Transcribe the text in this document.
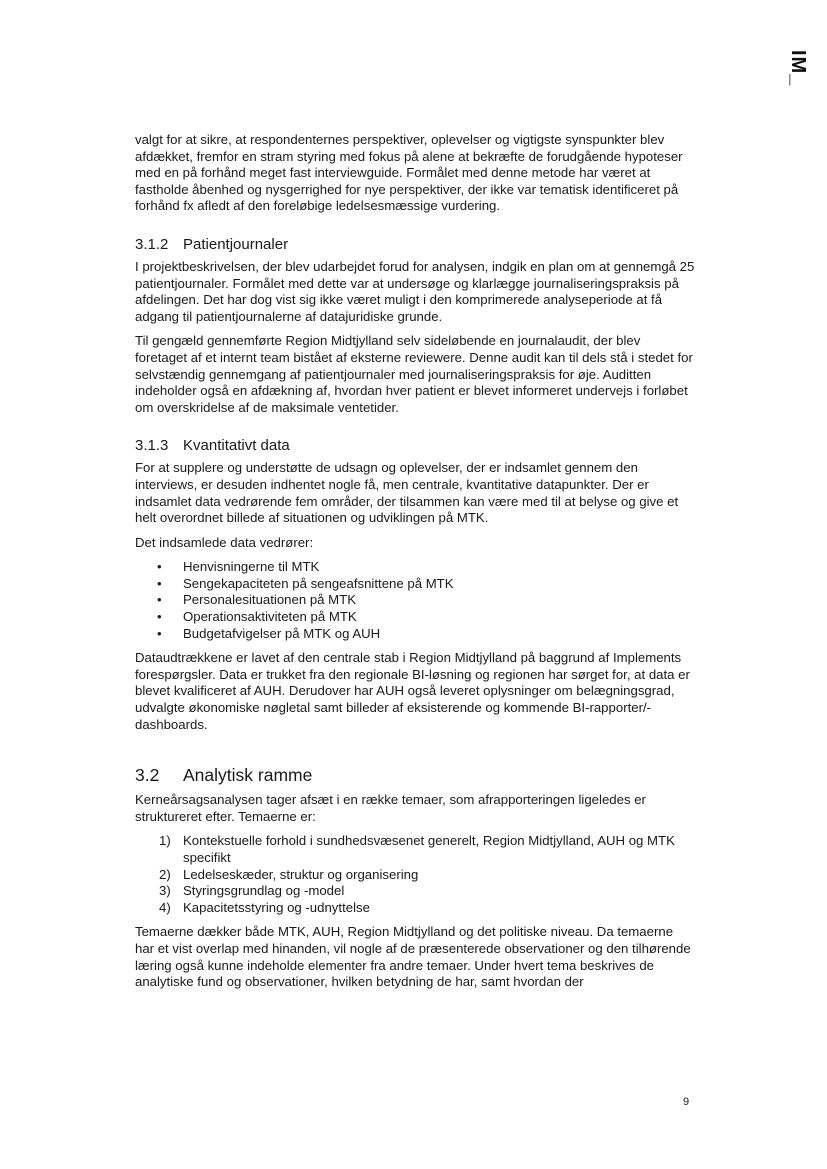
IM_

valgt for at sikre, at respondenternes perspektiver, oplevelser og vigtigste synspunkter blev afdækket, fremfor en stram styring med fokus på alene at bekræfte de forudgående hypoteser med en på forhånd meget fast interviewguide. Formålet med denne metode har været at fastholde åbenhed og nysgerrighed for nye perspektiver, der ikke var tematisk identificeret på forhånd fx afledt af den foreløbige ledelsesmæssige vurdering.

3.1.2 Patientjournaler

I projektbeskrivelsen, der blev udarbejdet forud for analysen, indgik en plan om at gennemgå 25 patientjournaler. Formålet med dette var at undersøge og klarlægge journaliseringspraksis på afdelingen. Det har dog vist sig ikke været muligt i den komprimerede analyseperiode at få adgang til patientjournalerne af datajuridiske grunde.

Til gengæld gennemførte Region Midtjylland selv sideløbende en journalaudit, der blev foretaget af et internt team bistået af eksterne reviewere. Denne audit kan til dels stå i stedet for selvstændig gennemgang af patientjournaler med journaliseringspraksis for øje. Auditten indeholder også en afdækning af, hvordan hver patient er blevet informeret undervejs i forløbet om overskridelse af de maksimale ventetider.

3.1.3 Kvantitativt data

For at supplere og understøtte de udsagn og oplevelser, der er indsamlet gennem den interviews, er desuden indhentet nogle få, men centrale, kvantitative datapunkter. Der er indsamlet data vedrørende fem områder, der tilsammen kan være med til at belyse og give et helt overordnet billede af situationen og udviklingen på MTK.

Det indsamlede data vedrører:

• Henvisningerne til MTK
• Sengekapaciteten på sengeafsnittene på MTK
• Personalesituationen på MTK
• Operationsaktiviteten på MTK
• Budgetafvigelser på MTK og AUH

Dataudtrækkene er lavet af den centrale stab i Region Midtjylland på baggrund af Implements forespørgsler. Data er trukket fra den regionale BI-løsning og regionen har sørget for, at data er blevet kvalificeret af AUH. Derudover har AUH også leveret oplysninger om belægningsgrad, udvalgte økonomiske nøgletal samt billeder af eksisterende og kommende BI-rapporter/-dashboards.

3.2 Analytisk ramme

Kerneårsagsanalysen tager afsæt i en række temaer, som afrapporteringen ligeledes er struktureret efter. Temaerne er:

1) Kontekstuelle forhold i sundhedsvæsenet generelt, Region Midtjylland, AUH og MTK specifikt
2) Ledelseskæder, struktur og organisering
3) Styringsgrundlag og -model
4) Kapacitetsstyring og -udnyttelse

Temaerne dækker både MTK, AUH, Region Midtjylland og det politiske niveau. Da temaerne har et vist overlap med hinanden, vil nogle af de præsenterede observationer og den tilhørende læring også kunne indeholde elementer fra andre temaer. Under hvert tema beskrives de analytiske fund og observationer, hvilken betydning de har, samt hvordan der

9
